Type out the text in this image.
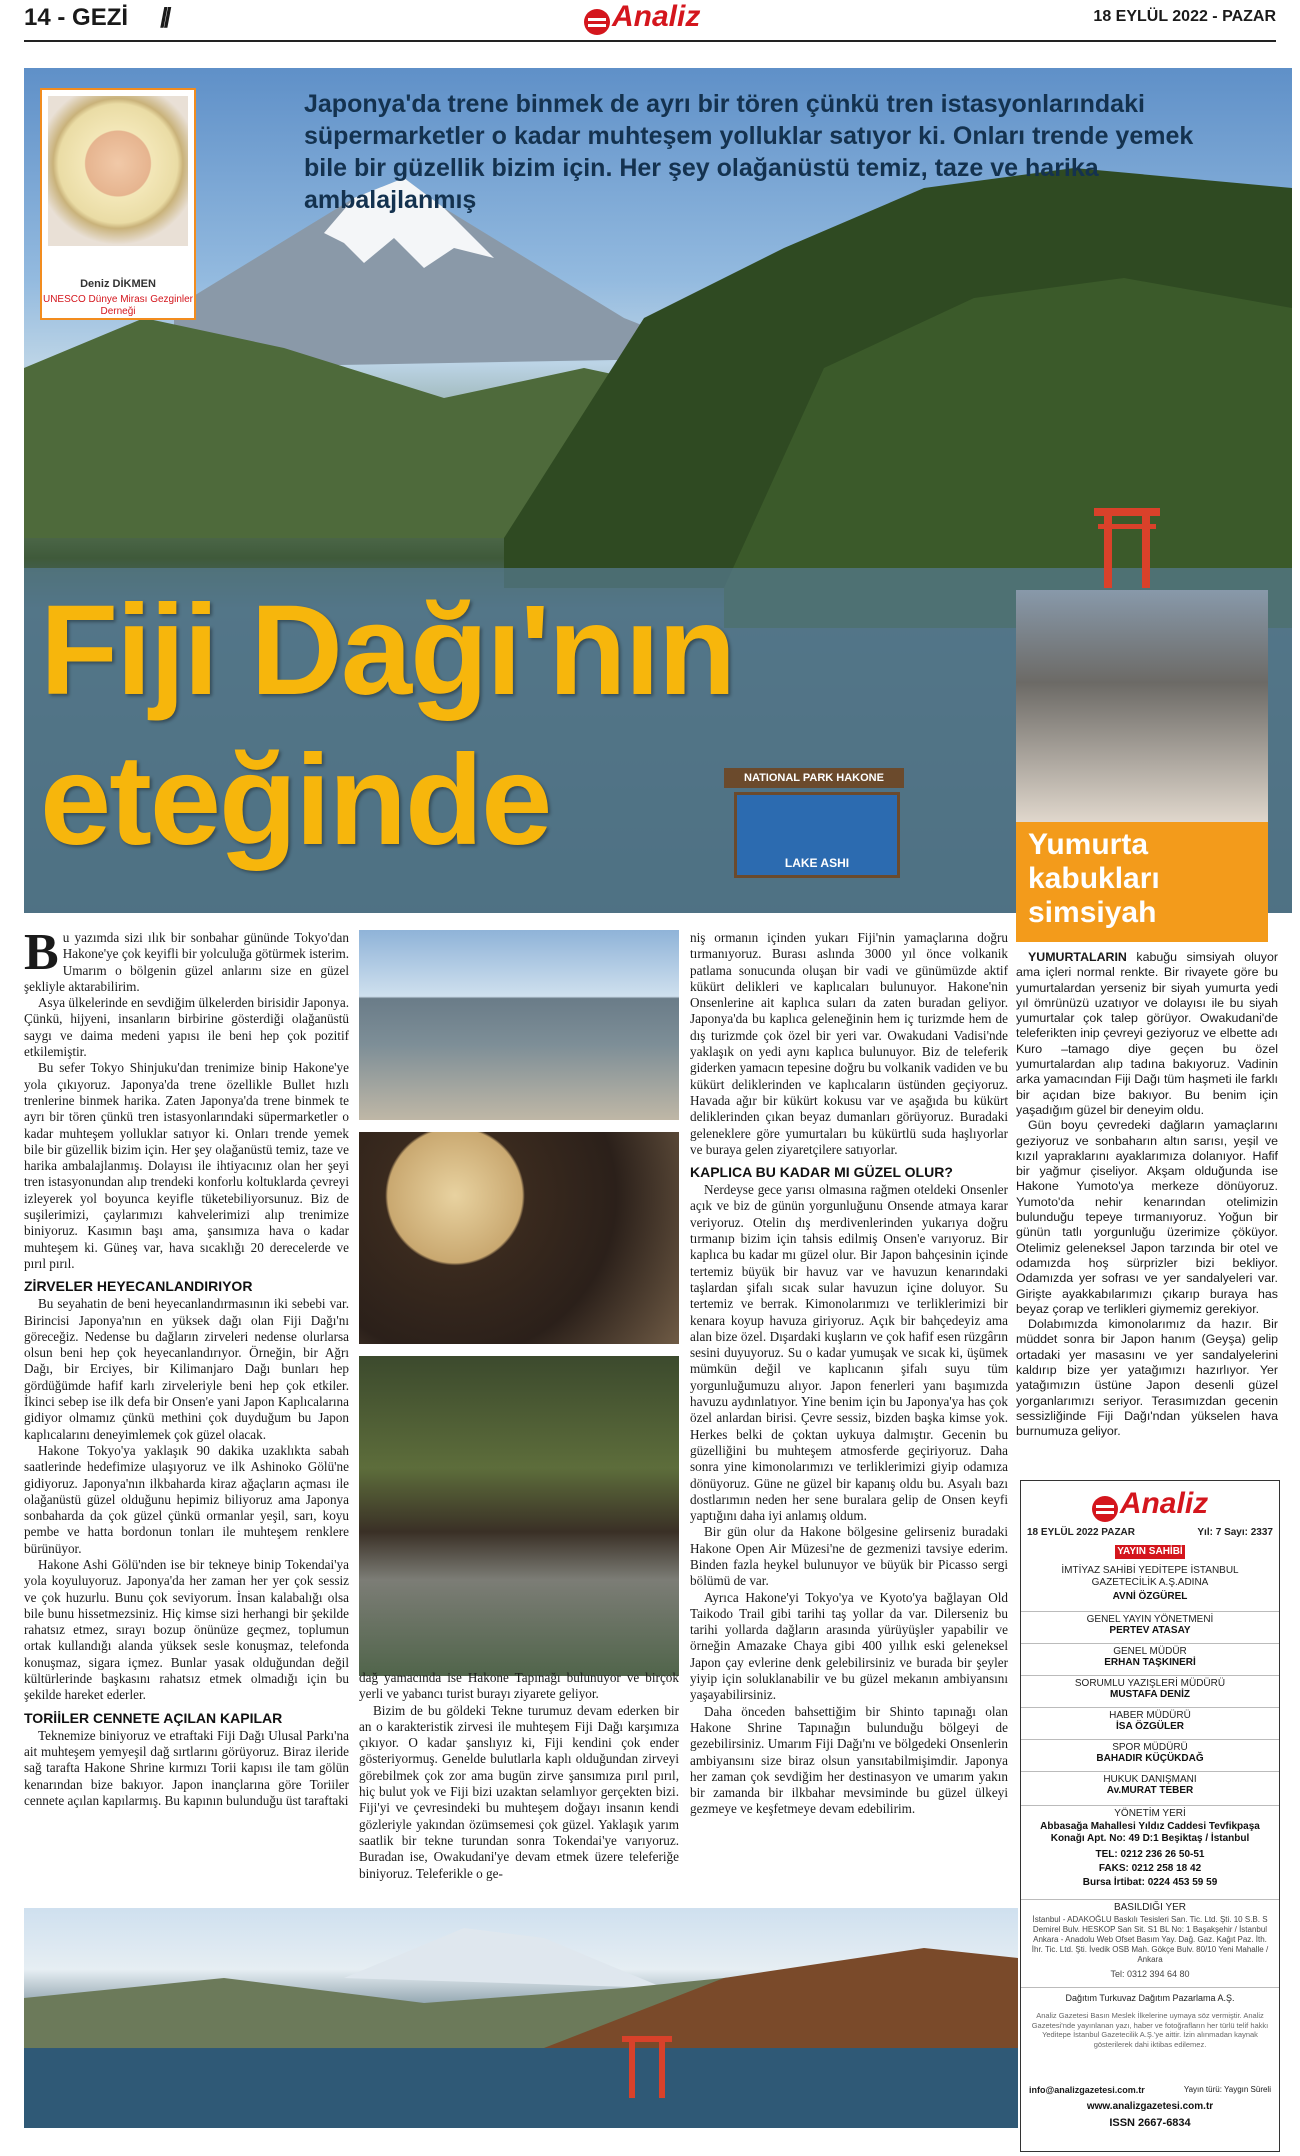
14 - GEZİ //	Analiz	18 EYLÜL 2022 - PAZAR
Japonya'da trene binmek de ayrı bir tören çünkü tren istasyonlarındaki süpermarketler o kadar muhteşem yolluklar satıyor ki. Onları trende yemek bile bir güzellik bizim için. Her şey olağanüstü temiz, taze ve harika ambalajlanmış
Deniz DİKMEN
UNESCO Dünye Mirası Gezginler Derneği
Fiji Dağı'nın
eteğinde	NATIONAL PARK HAKONE
LAKE ASHI
Yumurta kabukları simsiyah

Bu yazımda sizi ılık bir sonbahar gününde Tokyo'dan Hakone'ye çok keyifli bir yolculuğa götürmek isterim. Umarım o bölgenin güzel anlarını size en güzel şekliyle aktarabilirim.

Asya ülkelerinde en sevdiğim ülkelerden birisidir Japonya. Çünkü, hijyeni, insanların birbirine gösterdiği olağanüstü saygı ve daima medeni yapısı ile beni hep çok pozitif etkilemiştir.

Bu sefer Tokyo Shinjuku'dan trenimize binip Hakone'ye yola çıkıyoruz. Japonya'da trene özellikle Bullet hızlı trenlerine binmek harika. Zaten Japonya'da trene binmek te ayrı bir tören çünkü tren istasyonlarındaki süpermarketler o kadar muhteşem yolluklar satıyor ki. Onları trende yemek bile bir güzellik bizim için. Her şey olağanüstü temiz, taze ve harika ambalajlanmış. Dolayısı ile ihtiyacınız olan her şeyi tren istasyonundan alıp trendeki konforlu koltuklarda çevreyi izleyerek yol boyunca keyifle tüketebiliyorsunuz. Biz de suşilerimizi, çaylarımızı kahvelerimizi alıp trenimize biniyoruz. Kasımın başı ama, şansımıza hava o kadar muhteşem ki. Güneş var, hava sıcaklığı 20 derecelerde ve pırıl pırıl.

ZİRVELER HEYECANLANDIRIYOR

Bu seyahatin de beni heyecanlandırmasının iki sebebi var. Birincisi Japonya'nın en yüksek dağı olan Fiji Dağı'nı göreceğiz. Nedense bu dağların zirveleri nedense olurlarsa olsun beni hep çok heyecanlandırıyor. Örneğin, bir Ağrı Dağı, bir Erciyes, bir Kilimanjaro Dağı bunları hep gördüğümde hafif karlı zirveleriyle beni hep çok etkiler. İkinci sebep ise ilk defa bir Onsen'e yani Japon Kaplıcalarına gidiyor olmamız çünkü methini çok duyduğum bu Japon kaplıcalarını deneyimlemek çok güzel olacak.

Hakone Tokyo'ya yaklaşık 90 dakika uzaklıkta sabah saatlerinde hedefimize ulaşıyoruz ve ilk Ashinoko Gölü'ne gidiyoruz. Japonya'nın ilkbaharda kiraz ağaçların açması ile olağanüstü güzel olduğunu hepimiz biliyoruz ama Japonya sonbaharda da çok güzel çünkü ormanlar yeşil, sarı, koyu pembe ve hatta bordonun tonları ile muhteşem renklere bürünüyor.

Hakone Ashi Gölü'nden ise bir tekneye binip Tokendai'ya yola koyuluyoruz. Japonya'da her zaman her yer çok sessiz ve çok huzurlu. Bunu çok seviyorum. İnsan kalabalığı olsa bile bunu hissetmezsiniz. Hiç kimse sizi herhangi bir şekilde rahatsız etmez, sırayı bozup önünüze geçmez, toplumun ortak kullandığı alanda yüksek sesle konuşmaz, telefonda konuşmaz, sigara içmez. Bunlar yasak olduğundan değil kültürlerinde başkasını rahatsız etmek olmadığı için bu şekilde hareket ederler.

TORİİLER CENNETE AÇILAN KAPILAR

Teknemize biniyoruz ve etraftaki Fiji Dağı Ulusal Parkı'na ait muhteşem yemyeşil dağ sırtlarını görüyoruz. Biraz ileride sağ tarafta Hakone Shrine kırmızı Torii kapısı ile tam gölün kenarından bize bakıyor. Japon inançlarına göre Toriiler cennete açılan kapılarmış. Bu kapının bulunduğu üst taraftaki

dağ yamacında ise Hakone Tapınağı bulunuyor ve birçok yerli ve yabancı turist burayı ziyarete geliyor.

Bizim de bu göldeki Tekne turumuz devam ederken bir an o karakteristik zirvesi ile muhteşem Fiji Dağı karşımıza çıkıyor. O kadar şanslıyız ki, Fiji kendini çok ender gösteriyormuş. Genelde bulutlarla kaplı olduğundan zirveyi görebilmek çok zor ama bugün zirve şansımıza pırıl pırıl, hiç bulut yok ve Fiji bizi uzaktan selamlıyor gerçekten bizi. Fiji'yi ve çevresindeki bu muhteşem doğayı insanın kendi gözleriyle yakından özümsemesi çok güzel. Yaklaşık yarım saatlik bir tekne turundan sonra Tokendai'ye varıyoruz. Buradan ise, Owakudani'ye devam etmek üzere teleferiğe biniyoruz. Teleferikle o ge-

niş ormanın içinden yukarı Fiji'nin yamaçlarına doğru tırmanıyoruz. Burası aslında 3000 yıl önce volkanik patlama sonucunda oluşan bir vadi ve günümüzde aktif kükürt delikleri ve kaplıcaları bulunuyor. Hakone'nin Onsenlerine ait kaplıca suları da zaten buradan geliyor. Japonya'da bu kaplıca geleneğinin hem iç turizmde hem de dış turizmde çok özel bir yeri var. Owakudani Vadisi'nde yaklaşık on yedi aynı kaplıca bulunuyor. Biz de teleferik giderken yamacın tepesine doğru bu volkanik vadiden ve bu kükürt deliklerinden ve kaplıcaların üstünden geçiyoruz. Havada ağır bir kükürt kokusu var ve aşağıda bu kükürt deliklerinden çıkan beyaz dumanları görüyoruz. Buradaki geleneklere göre yumurtaları bu kükürtlü suda haşlıyorlar ve buraya gelen ziyaretçilere satıyorlar.

KAPLICA BU KADAR MI GÜZEL OLUR?

Nerdeyse gece yarısı olmasına rağmen oteldeki Onsenler açık ve biz de günün yorgunluğunu Onsende atmaya karar veriyoruz. Otelin dış merdivenlerinden yukarıya doğru tırmanıp bizim için tahsis edilmiş Onsen'e varıyoruz. Bir kaplıca bu kadar mı güzel olur. Bir Japon bahçesinin içinde tertemiz büyük bir havuz var ve havuzun kenarındaki taşlardan şifalı sıcak sular havuzun içine doluyor. Su tertemiz ve berrak. Kimonolarımızı ve terliklerimizi bir kenara koyup havuza giriyoruz. Açık bir bahçedeyiz ama alan bize özel. Dışardaki kuşların ve çok hafif esen rüzgârın sesini duyuyoruz. Su o kadar yumuşak ve sıcak ki, üşümek mümkün değil ve kaplıcanın şifalı suyu tüm yorgunluğumuzu alıyor. Japon fenerleri yanı başımızda havuzu aydınlatıyor. Yine benim için bu Japonya'ya has çok özel anlardan birisi. Çevre sessiz, bizden başka kimse yok. Herkes belki de çoktan uykuya dalmıştır. Gecenin bu güzelliğini bu muhteşem atmosferde geçiriyoruz. Daha sonra yine kimonolarımızı ve terliklerimizi giyip odamıza dönüyoruz. Güne ne güzel bir kapanış oldu bu. Asyalı bazı dostlarımın neden her sene buralara gelip de Onsen keyfi yaptığını daha iyi anlamış oldum.

Bir gün olur da Hakone bölgesine gelirseniz buradaki Hakone Open Air Müzesi'ne de gezmenizi tavsiye ederim. Binden fazla heykel bulunuyor ve büyük bir Picasso sergi bölümü de var.

Ayrıca Hakone'yi Tokyo'ya ve Kyoto'ya bağlayan Old Taikodo Trail gibi tarihi taş yollar da var. Dilerseniz bu tarihi yollarda dağların arasında yürüyüşler yapabilir ve örneğin Amazake Chaya gibi 400 yıllık eski geleneksel Japon çay evlerine denk gelebilirsiniz ve burada bir şeyler yiyip için soluklanabilir ve bu güzel mekanın ambiyansını yaşayabilirsiniz.

Daha önceden bahsettiğim bir Shinto tapınağı olan Hakone Shrine Tapınağın bulunduğu bölgeyi de gezebilirsiniz. Umarım Fiji Dağı'nı ve bölgedeki Onsenlerin ambiyansını size biraz olsun yansıtabilmişimdir. Japonya her zaman çok sevdiğim her destinasyon ve umarım yakın bir zamanda bir ilkbahar mevsiminde bu güzel ülkeyi gezmeye ve keşfetmeye devam edebilirim.

YUMURTALARIN kabuğu simsiyah oluyor ama içleri normal renkte. Bir rivayete göre bu yumurtalardan yerseniz bir siyah yumurta yedi yıl ömrünüzü uzatıyor ve dolayısı ile bu siyah yumurtalar çok talep görüyor. Owakudani'de teleferikten inip çevreyi geziyoruz ve elbette adı Kuro –tamago diye geçen bu özel yumurtalardan alıp tadına bakıyoruz. Vadinin arka yamacından Fiji Dağı tüm haşmeti ile farklı bir açıdan bize bakıyor. Bu benim için yaşadığım güzel bir deneyim oldu.

Gün boyu çevredeki dağların yamaçlarını geziyoruz ve sonbaharın altın sarısı, yeşil ve kızıl yapraklarını ayaklarımıza dolanıyor. Hafif bir yağmur çiseliyor. Akşam olduğunda ise Hakone Yumoto'ya merkeze dönüyoruz. Yumoto'da nehir kenarından otelimizin bulunduğu tepeye tırmanıyoruz. Yoğun bir günün tatlı yorgunluğu üzerimize çöküyor. Otelimiz geleneksel Japon tarzında bir otel ve odamızda hoş sürprizler bizi bekliyor. Odamızda yer sofrası ve yer sandalyeleri var. Girişte ayakkabılarımızı çıkarıp buraya has beyaz çorap ve terlikleri giymemiz gerekiyor.

Dolabımızda kimonolarımız da hazır. Bir müddet sonra bir Japon hanım (Geyşa) gelip ortadaki yer masasını ve yer sandalyelerini kaldırıp bize yer yatağımızı hazırlıyor. Yer yatağımızın üstüne Japon desenli güzel yorganlarımızı seriyor. Terasımızdan gecenin sessizliğinde Fiji Dağı'ndan yükselen hava burnumuza geliyor.

Analiz
18 EYLÜL 2022 PAZAR	Yıl: 7 Sayı: 2337
YAYIN SAHİBİ
İMTİYAZ SAHİBİ YEDİTEPE İSTANBUL GAZETECİLİK A.Ş.ADINA
AVNİ ÖZGÜREL
GENEL YAYIN YÖNETMENİ
PERTEV ATASAY
GENEL MÜDÜR
ERHAN TAŞKINERİ
SORUMLU YAZIŞLERİ MÜDÜRÜ
MUSTAFA DENİZ
HABER MÜDÜRÜ
İSA ÖZGÜLER
SPOR MÜDÜRÜ
BAHADIR KÜÇÜKDAĞ
HUKUK DANIŞMANI
Av.MURAT TEBER
YÖNETİM YERİ
Abbasağa Mahallesi Yıldız Caddesi Tevfikpaşa Konağı Apt. No: 49 D:1 Beşiktaş / İstanbul
TEL: 0212 236 26 50-51
FAKS: 0212 258 18 42
Bursa İrtibat: 0224 453 59 59
BASILDIĞI YER
İstanbul - ADAKOĞLU Baskılı Tesisleri San. Tic. Ltd. Şti. 10 S.B. S Demirel Bulv. HESKOP San Sit. S1 BL No: 1 Başakşehir / İstanbul Ankara - Anadolu Web Ofset Basım Yay. Dağ. Gaz. Kağıt Paz. İth. İhr. Tic. Ltd. Şti. İvedik OSB Mah. Gökçe Bulv. 80/10 Yeni Mahalle / Ankara
Tel: 0312 394 64 80
Dağıtım Turkuvaz Dağıtım Pazarlama A.Ş.
Analiz Gazetesi Basın Meslek İlkelerine uymaya söz vermiştir. Analiz Gazetesi'nde yayınlanan yazı, haber ve fotoğrafların her türlü telif hakkı Yeditepe İstanbul Gazetecilik A.Ş.'ye aittir. İzin alınmadan kaynak gösterilerek dahi iktibas edilemez.
info@analizgazetesi.com.tr	Yayın türü: Yaygın Süreli
www.analizgazetesi.com.tr
ISSN 2667-6834
